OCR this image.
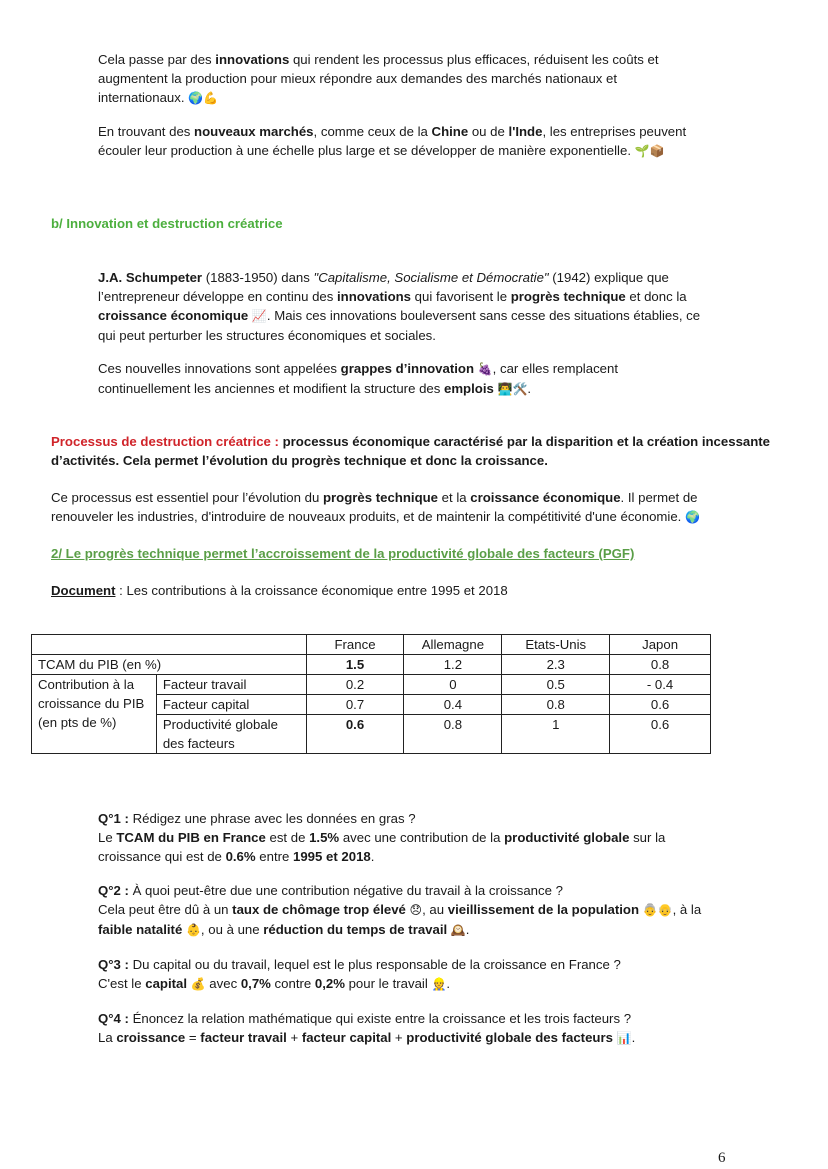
Cela passe par des innovations qui rendent les processus plus efficaces, réduisent les coûts et
augmentent la production pour mieux répondre aux demandes des marchés nationaux et
internationaux. 🌍💪
En trouvant des nouveaux marchés, comme ceux de la Chine ou de l'Inde, les entreprises peuvent
écouler leur production à une échelle plus large et se développer de manière exponentielle. 🌱📦
b/ Innovation et destruction créatrice
J.A. Schumpeter (1883-1950) dans "Capitalisme, Socialisme et Démocratie" (1942) explique que
l’entrepreneur développe en continu des innovations qui favorisent le progrès technique et donc la
croissance économique 📈. Mais ces innovations bouleversent sans cesse des situations établies, ce
qui peut perturber les structures économiques et sociales.
Ces nouvelles innovations sont appelées grappes d’innovation 🍇, car elles remplacent
continuellement les anciennes et modifient la structure des emplois 👨‍💻🛠️.
Processus de destruction créatrice : processus économique caractérisé par la disparition et la création incessante
d’activités. Cela permet l’évolution du progrès technique et donc la croissance.
Ce processus est essentiel pour l’évolution du progrès technique et la croissance économique. Il permet de
renouveler les industries, d'introduire de nouveaux produits, et de maintenir la compétitivité d'une économie. 🌍
2/ Le progrès technique permet l’accroissement de la productivité globale des facteurs (PGF)
Document : Les contributions à la croissance économique entre 1995 et 2018
		France	Allemagne	Etats-Unis	Japon
TCAM du PIB (en %)		1.5	1.2	2.3	0.8
Contribution à la croissance du PIB (en pts de %)	Facteur travail	0.2	0	0.5	- 0.4
	Facteur capital	0.7	0.4	0.8	0.6
	Productivité globale des facteurs	0.6	0.8	1	0.6
Q°1 : Rédigez une phrase avec les données en gras ?
Le TCAM du PIB en France est de 1.5% avec une contribution de la productivité globale sur la
croissance qui est de 0.6% entre 1995 et 2018.
Q°2 : À quoi peut-être due une contribution négative du travail à la croissance ?
Cela peut être dû à un taux de chômage trop élevé 😞, au vieillissement de la population 👵👴, à la
faible natalité 👶, ou à une réduction du temps de travail 🕰️.
Q°3 : Du capital ou du travail, lequel est le plus responsable de la croissance en France ?
C'est le capital 💰 avec 0,7% contre 0,2% pour le travail 👷.
Q°4 : Énoncez la relation mathématique qui existe entre la croissance et les trois facteurs ?
La croissance = facteur travail + facteur capital + productivité globale des facteurs 📊.
6
